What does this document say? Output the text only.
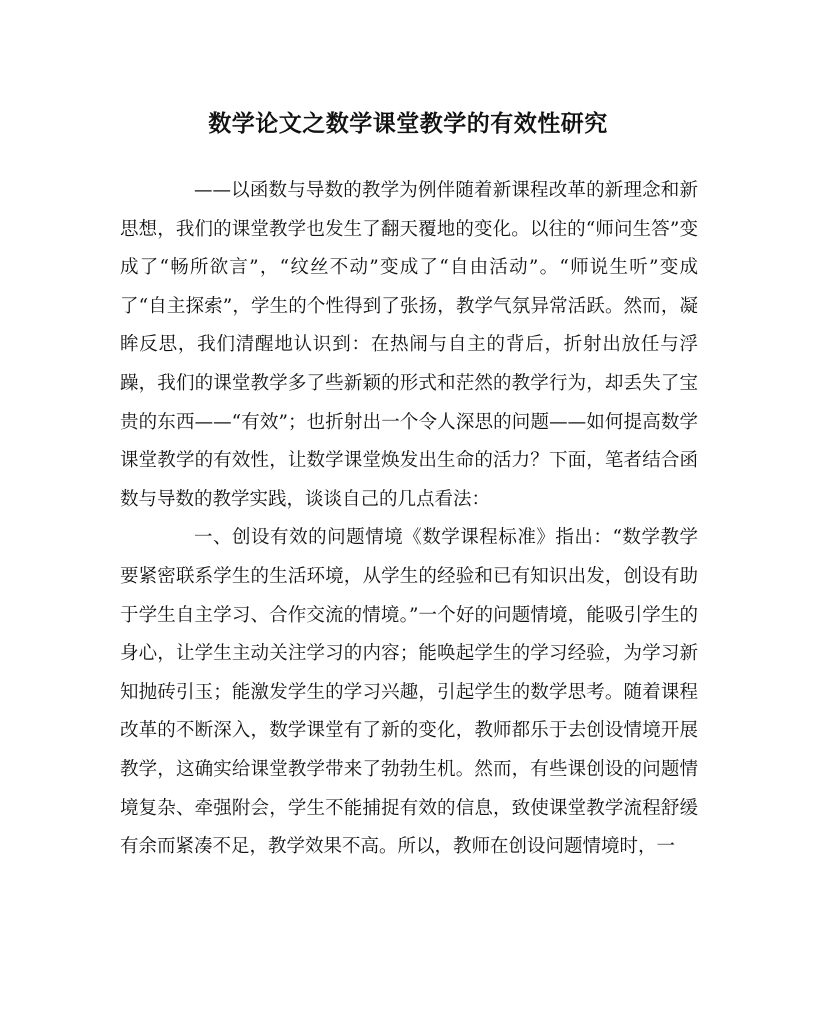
数学论文之数学课堂教学的有效性研究

——以函数与导数的教学为例伴随着新课程改革的新理念和新思想，我们的课堂教学也发生了翻天覆地的变化。以往的“师问生答”变成了“畅所欲言”，“纹丝不动”变成了“自由活动”。“师说生听”变成了“自主探索”，学生的个性得到了张扬，教学气氛异常活跃。然而，凝眸反思，我们清醒地认识到：在热闹与自主的背后，折射出放任与浮躁，我们的课堂教学多了些新颖的形式和茫然的教学行为，却丢失了宝贵的东西——“有效”；也折射出一个令人深思的问题——如何提高数学课堂教学的有效性，让数学课堂焕发出生命的活力？下面，笔者结合函数与导数的教学实践，谈谈自己的几点看法：

一、创设有效的问题情境《数学课程标准》指出：“数学教学要紧密联系学生的生活环境，从学生的经验和已有知识出发，创设有助于学生自主学习、合作交流的情境。”一个好的问题情境，能吸引学生的身心，让学生主动关注学习的内容；能唤起学生的学习经验，为学习新知抛砖引玉；能激发学生的学习兴趣，引起学生的数学思考。随着课程改革的不断深入，数学课堂有了新的变化，教师都乐于去创设情境开展教学，这确实给课堂教学带来了勃勃生机。然而，有些课创设的问题情境复杂、牵强附会，学生不能捕捉有效的信息，致使课堂教学流程舒缓有余而紧凑不足，教学效果不高。所以，教师在创设问题情境时，一
